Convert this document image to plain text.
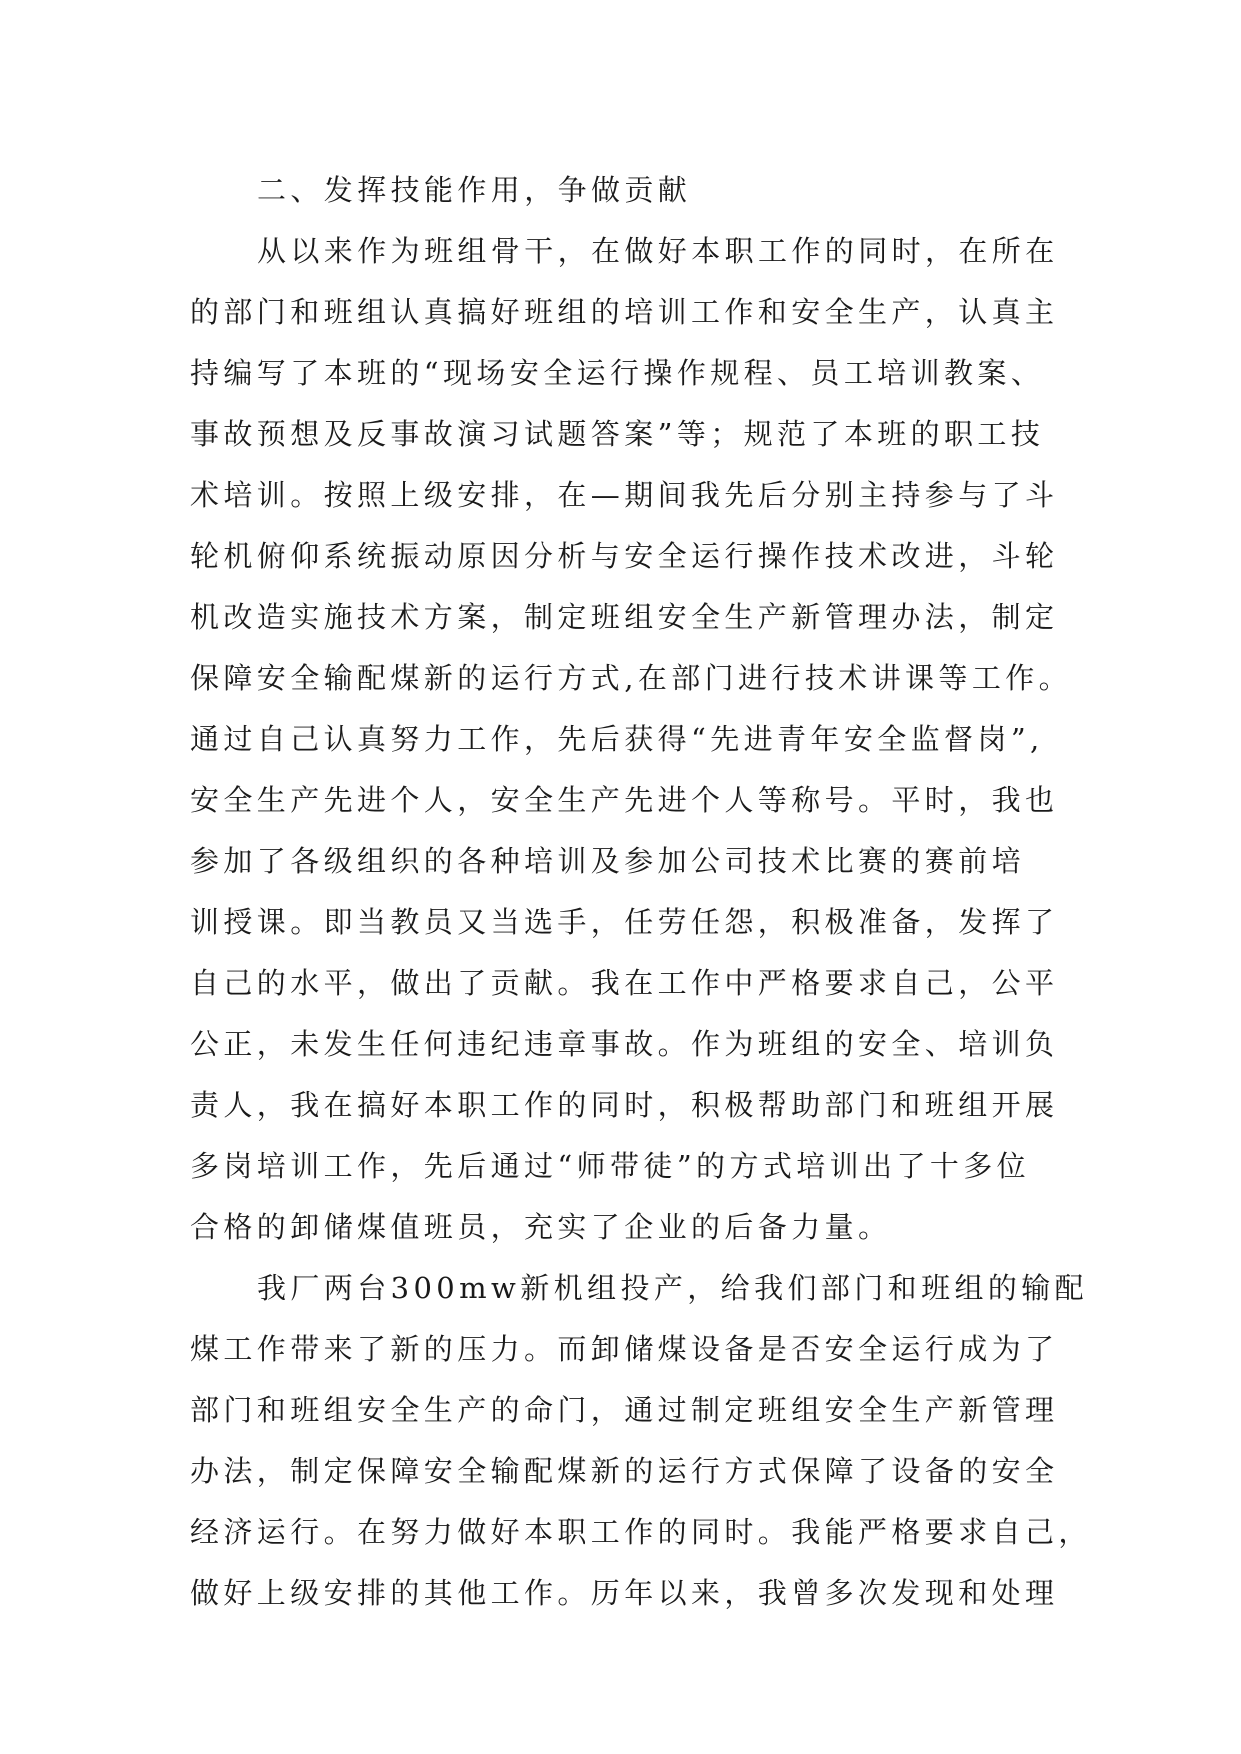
二、发挥技能作用，争做贡献
从以来作为班组骨干，在做好本职工作的同时，在所在
的部门和班组认真搞好班组的培训工作和安全生产，认真主
持编写了本班的“现场安全运行操作规程、员工培训教案、
事故预想及反事故演习试题答案”等；规范了本班的职工技
术培训。按照上级安排，在—期间我先后分别主持参与了斗
轮机俯仰系统振动原因分析与安全运行操作技术改进，斗轮
机改造实施技术方案，制定班组安全生产新管理办法，制定
保障安全输配煤新的运行方式,在部门进行技术讲课等工作。
通过自己认真努力工作，先后获得“先进青年安全监督岗”,
安全生产先进个人，安全生产先进个人等称号。平时，我也
参加了各级组织的各种培训及参加公司技术比赛的赛前培
训授课。即当教员又当选手，任劳任怨，积极准备，发挥了
自己的水平，做出了贡献。我在工作中严格要求自己，公平
公正，未发生任何违纪违章事故。作为班组的安全、培训负
责人，我在搞好本职工作的同时，积极帮助部门和班组开展
多岗培训工作，先后通过“师带徒”的方式培训出了十多位
合格的卸储煤值班员，充实了企业的后备力量。
我厂两台300mw新机组投产，给我们部门和班组的输配
煤工作带来了新的压力。而卸储煤设备是否安全运行成为了
部门和班组安全生产的命门，通过制定班组安全生产新管理
办法，制定保障安全输配煤新的运行方式保障了设备的安全
经济运行。在努力做好本职工作的同时。我能严格要求自己，
做好上级安排的其他工作。历年以来，我曾多次发现和处理
